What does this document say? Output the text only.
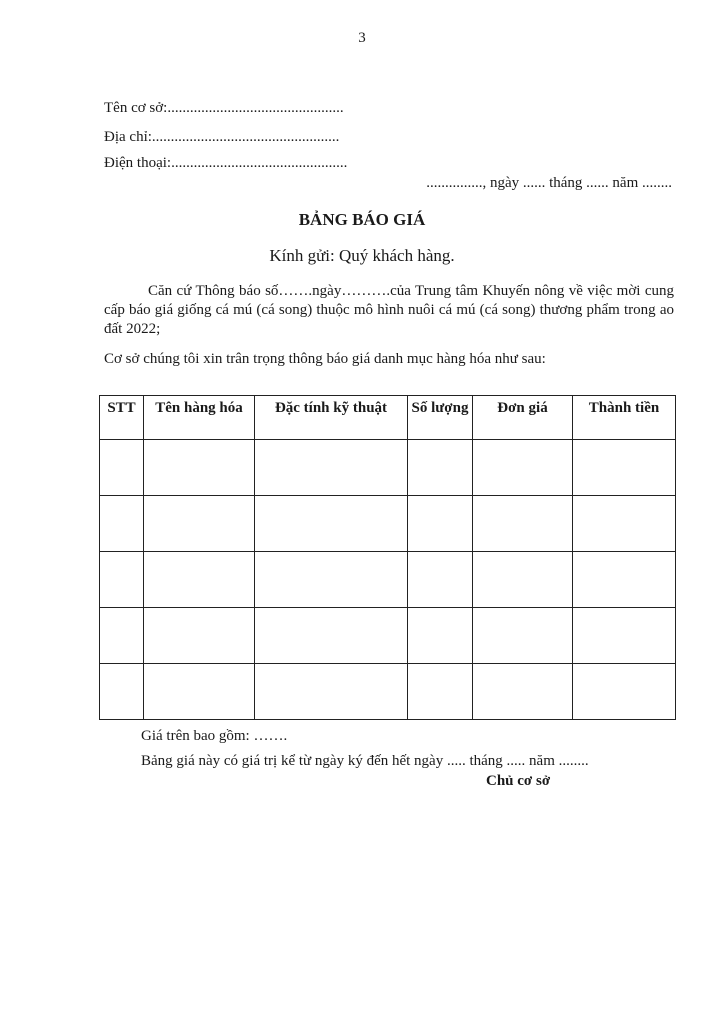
3
Tên cơ sở:...............................................
Địa chỉ:..................................................
Điện thoại:...............................................
..............., ngày ...... tháng ...... năm ........
BẢNG BÁO GIÁ
Kính gửi: Quý khách hàng.

Căn cứ Thông báo số…….ngày……….của Trung tâm Khuyến nông về việc mời cung cấp báo giá giống cá mú (cá song) thuộc mô hình nuôi cá mú (cá song) thương phẩm trong ao đất 2022;

Cơ sở chúng tôi xin trân trọng thông báo giá danh mục hàng hóa như sau:
STT	Tên hàng hóa	Đặc tính kỹ thuật	Số lượng	Đơn giá	Thành tiền

Giá trên bao gồm: …….
Bảng giá này có giá trị kể từ ngày ký đến hết ngày ..... tháng ..... năm ........
Chủ cơ sở
